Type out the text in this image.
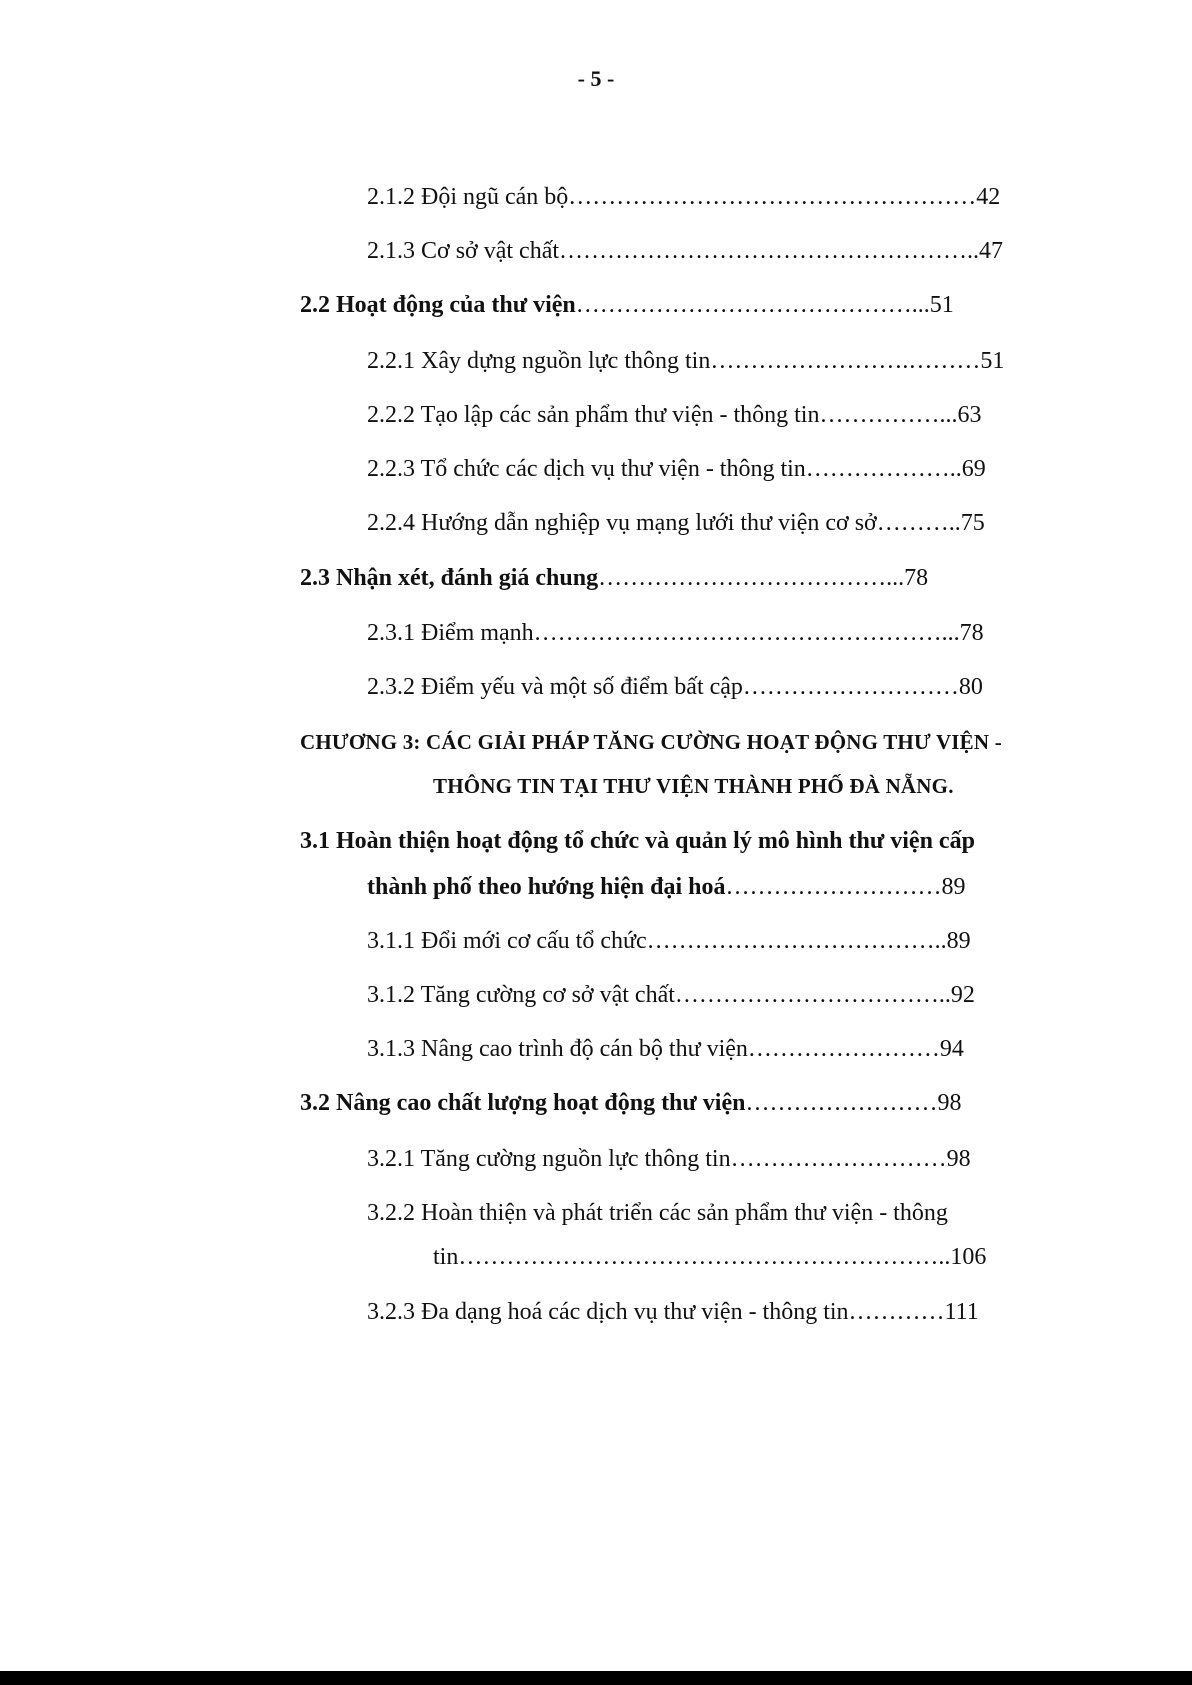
- 5 -
2.1.2 Đội ngũ cán bộ……………………………………………42
2.1.3 Cơ sở vật chất……………………………………………..47
2.2 Hoạt động của thư viện……………………………………...51
2.2.1 Xây dựng nguồn lực thông tin…………………….………51
2.2.2 Tạo lập các sản phẩm thư viện - thông tin……………...63
2.2.3 Tổ chức các dịch vụ thư viện - thông tin………………..69
2.2.4 Hướng dẫn nghiệp vụ mạng lưới thư viện cơ sở………..75
2.3 Nhận xét, đánh giá chung………………………………...78
2.3.1 Điểm mạnh……………………………………………...78
2.3.2 Điểm yếu và một số điểm bất cập………………………80
CHƯƠNG 3: CÁC GIẢI PHÁP TĂNG CƯỜNG HOẠT ĐỘNG THƯ VIỆN -
THÔNG TIN TẠI THƯ VIỆN THÀNH PHỐ ĐÀ NẴNG.
3.1 Hoàn thiện hoạt động tổ chức và quản lý mô hình thư viện cấp
thành phố theo hướng hiện đại hoá………………………89
3.1.1 Đổi mới cơ cấu tổ chức………………………………..89
3.1.2 Tăng cường cơ sở vật chất……………………………..92
3.1.3 Nâng cao trình độ cán bộ thư viện……………………94
3.2 Nâng cao chất lượng hoạt động thư viện……………………98
3.2.1 Tăng cường nguồn lực thông tin………………………98
3.2.2 Hoàn thiện và phát triển các sản phẩm thư viện - thông
tin……………………………………………………..106
3.2.3 Đa dạng hoá các dịch vụ thư viện - thông tin…………111
